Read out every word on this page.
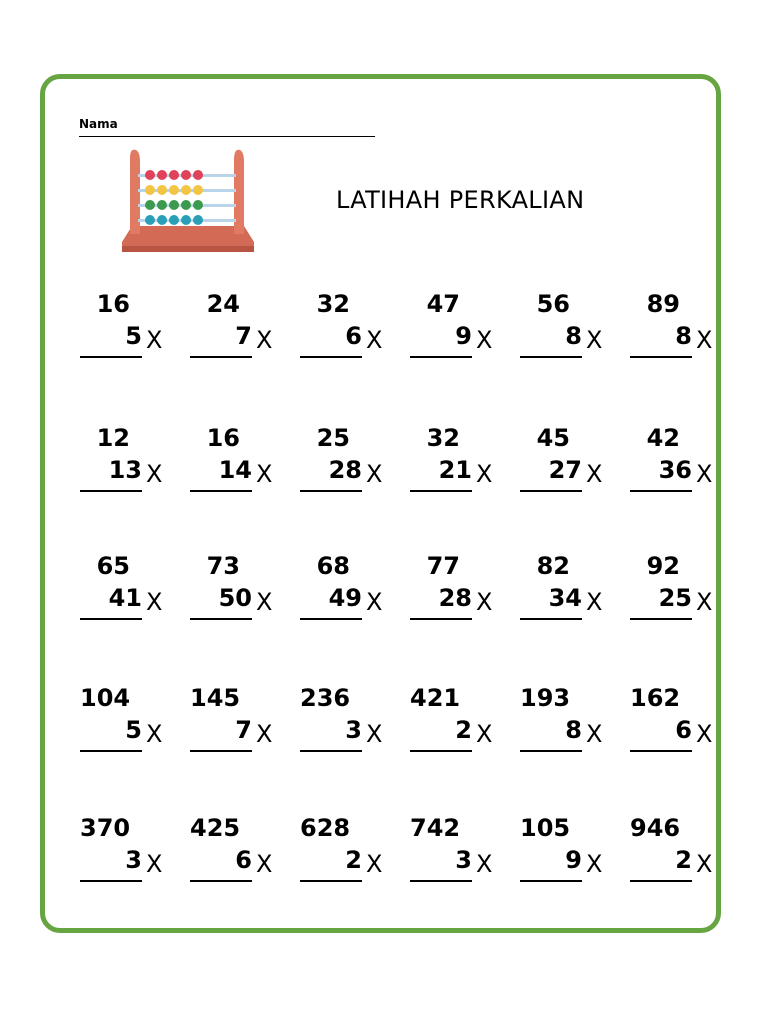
Nama
LATIHAH PERKALIAN
16
5 X
24
7 X
32
6 X
47
9 X
56
8 X
89
8 X
12
13 X
16
14 X
25
28 X
32
21 X
45
27 X
42
36 X
65
41 X
73
50 X
68
49 X
77
28 X
82
34 X
92
25 X
104
5 X
145
7 X
236
3 X
421
2 X
193
8 X
162
6 X
370
3 X
425
6 X
628
2 X
742
3 X
105
9 X
946
2 X
